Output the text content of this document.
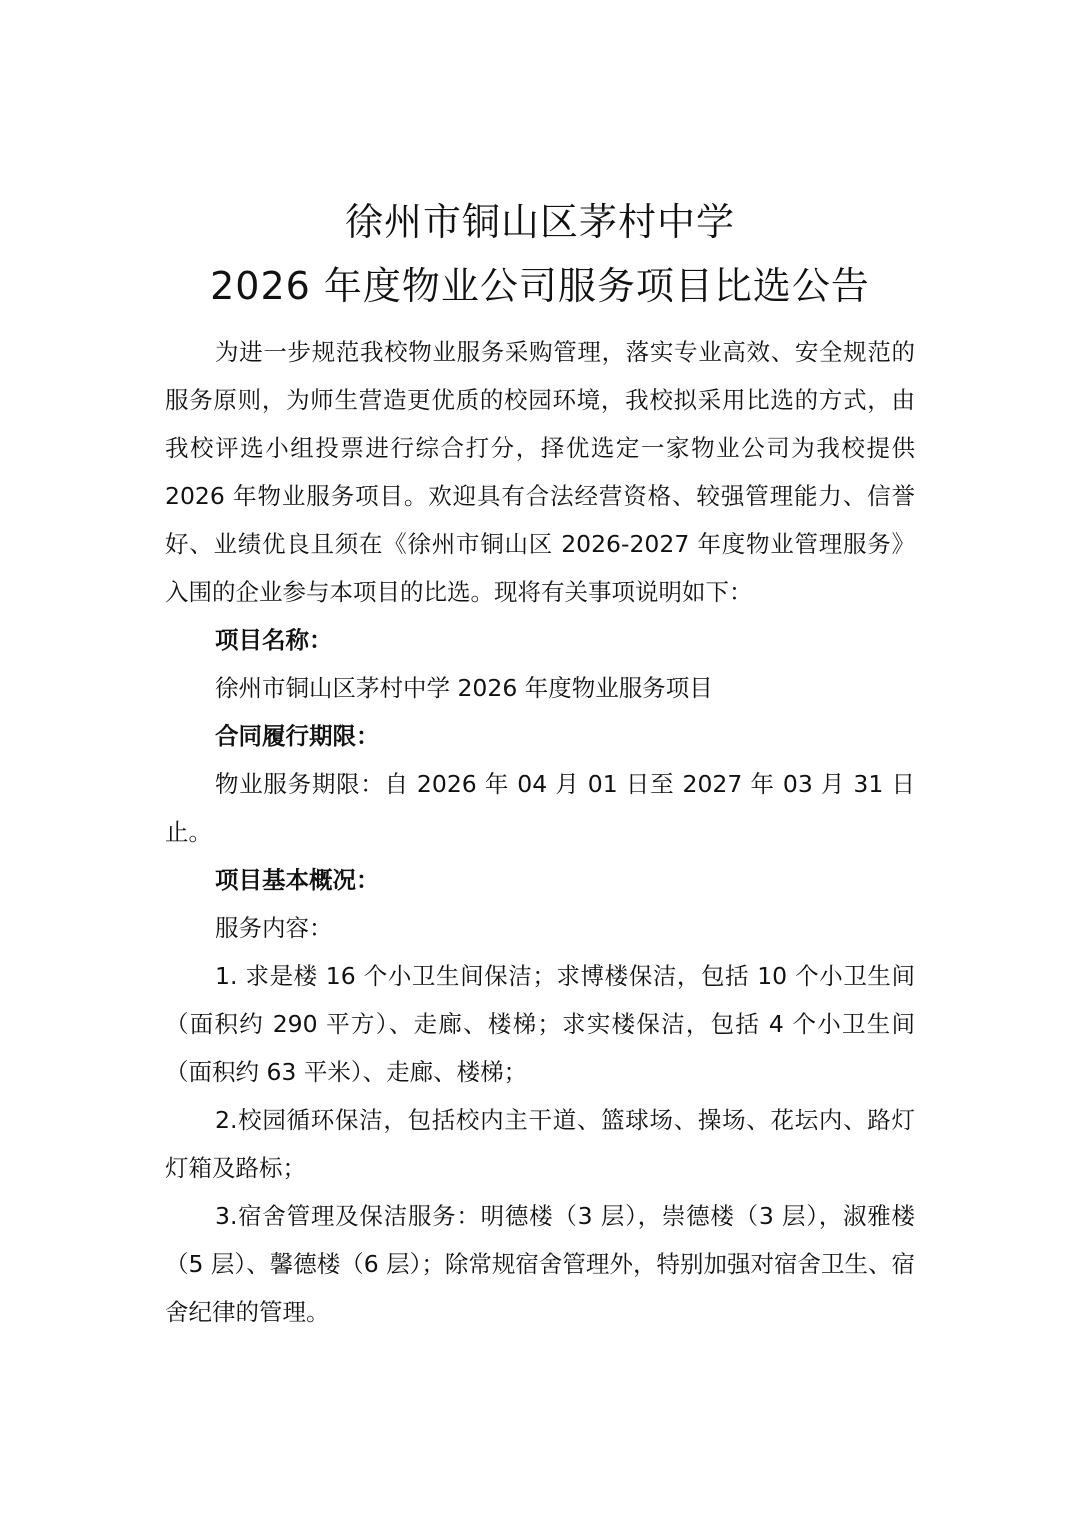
徐州市铜山区茅村中学
2026 年度物业公司服务项目比选公告

为进一步规范我校物业服务采购管理，落实专业高效、安全规范的服务原则，为师生营造更优质的校园环境，我校拟采用比选的方式，由我校评选小组投票进行综合打分，择优选定一家物业公司为我校提供 2026 年物业服务项目。欢迎具有合法经营资格、较强管理能力、信誉好、业绩优良且须在《徐州市铜山区 2026-2027 年度物业管理服务》入围的企业参与本项目的比选。现将有关事项说明如下：

项目名称：

徐州市铜山区茅村中学 2026 年度物业服务项目

合同履行期限：

物业服务期限：自 2026 年 04 月 01 日至 2027 年 03 月 31 日止。

项目基本概况：

服务内容：

1. 求是楼 16 个小卫生间保洁；求博楼保洁，包括 10 个小卫生间（面积约 290 平方）、走廊、楼梯；求实楼保洁，包括 4 个小卫生间（面积约 63 平米）、走廊、楼梯；

2.校园循环保洁，包括校内主干道、篮球场、操场、花坛内、路灯灯箱及路标；

3.宿舍管理及保洁服务：明德楼（3 层），崇德楼（3 层），淑雅楼（5 层）、馨德楼（6 层）；除常规宿舍管理外，特别加强对宿舍卫生、宿舍纪律的管理。
